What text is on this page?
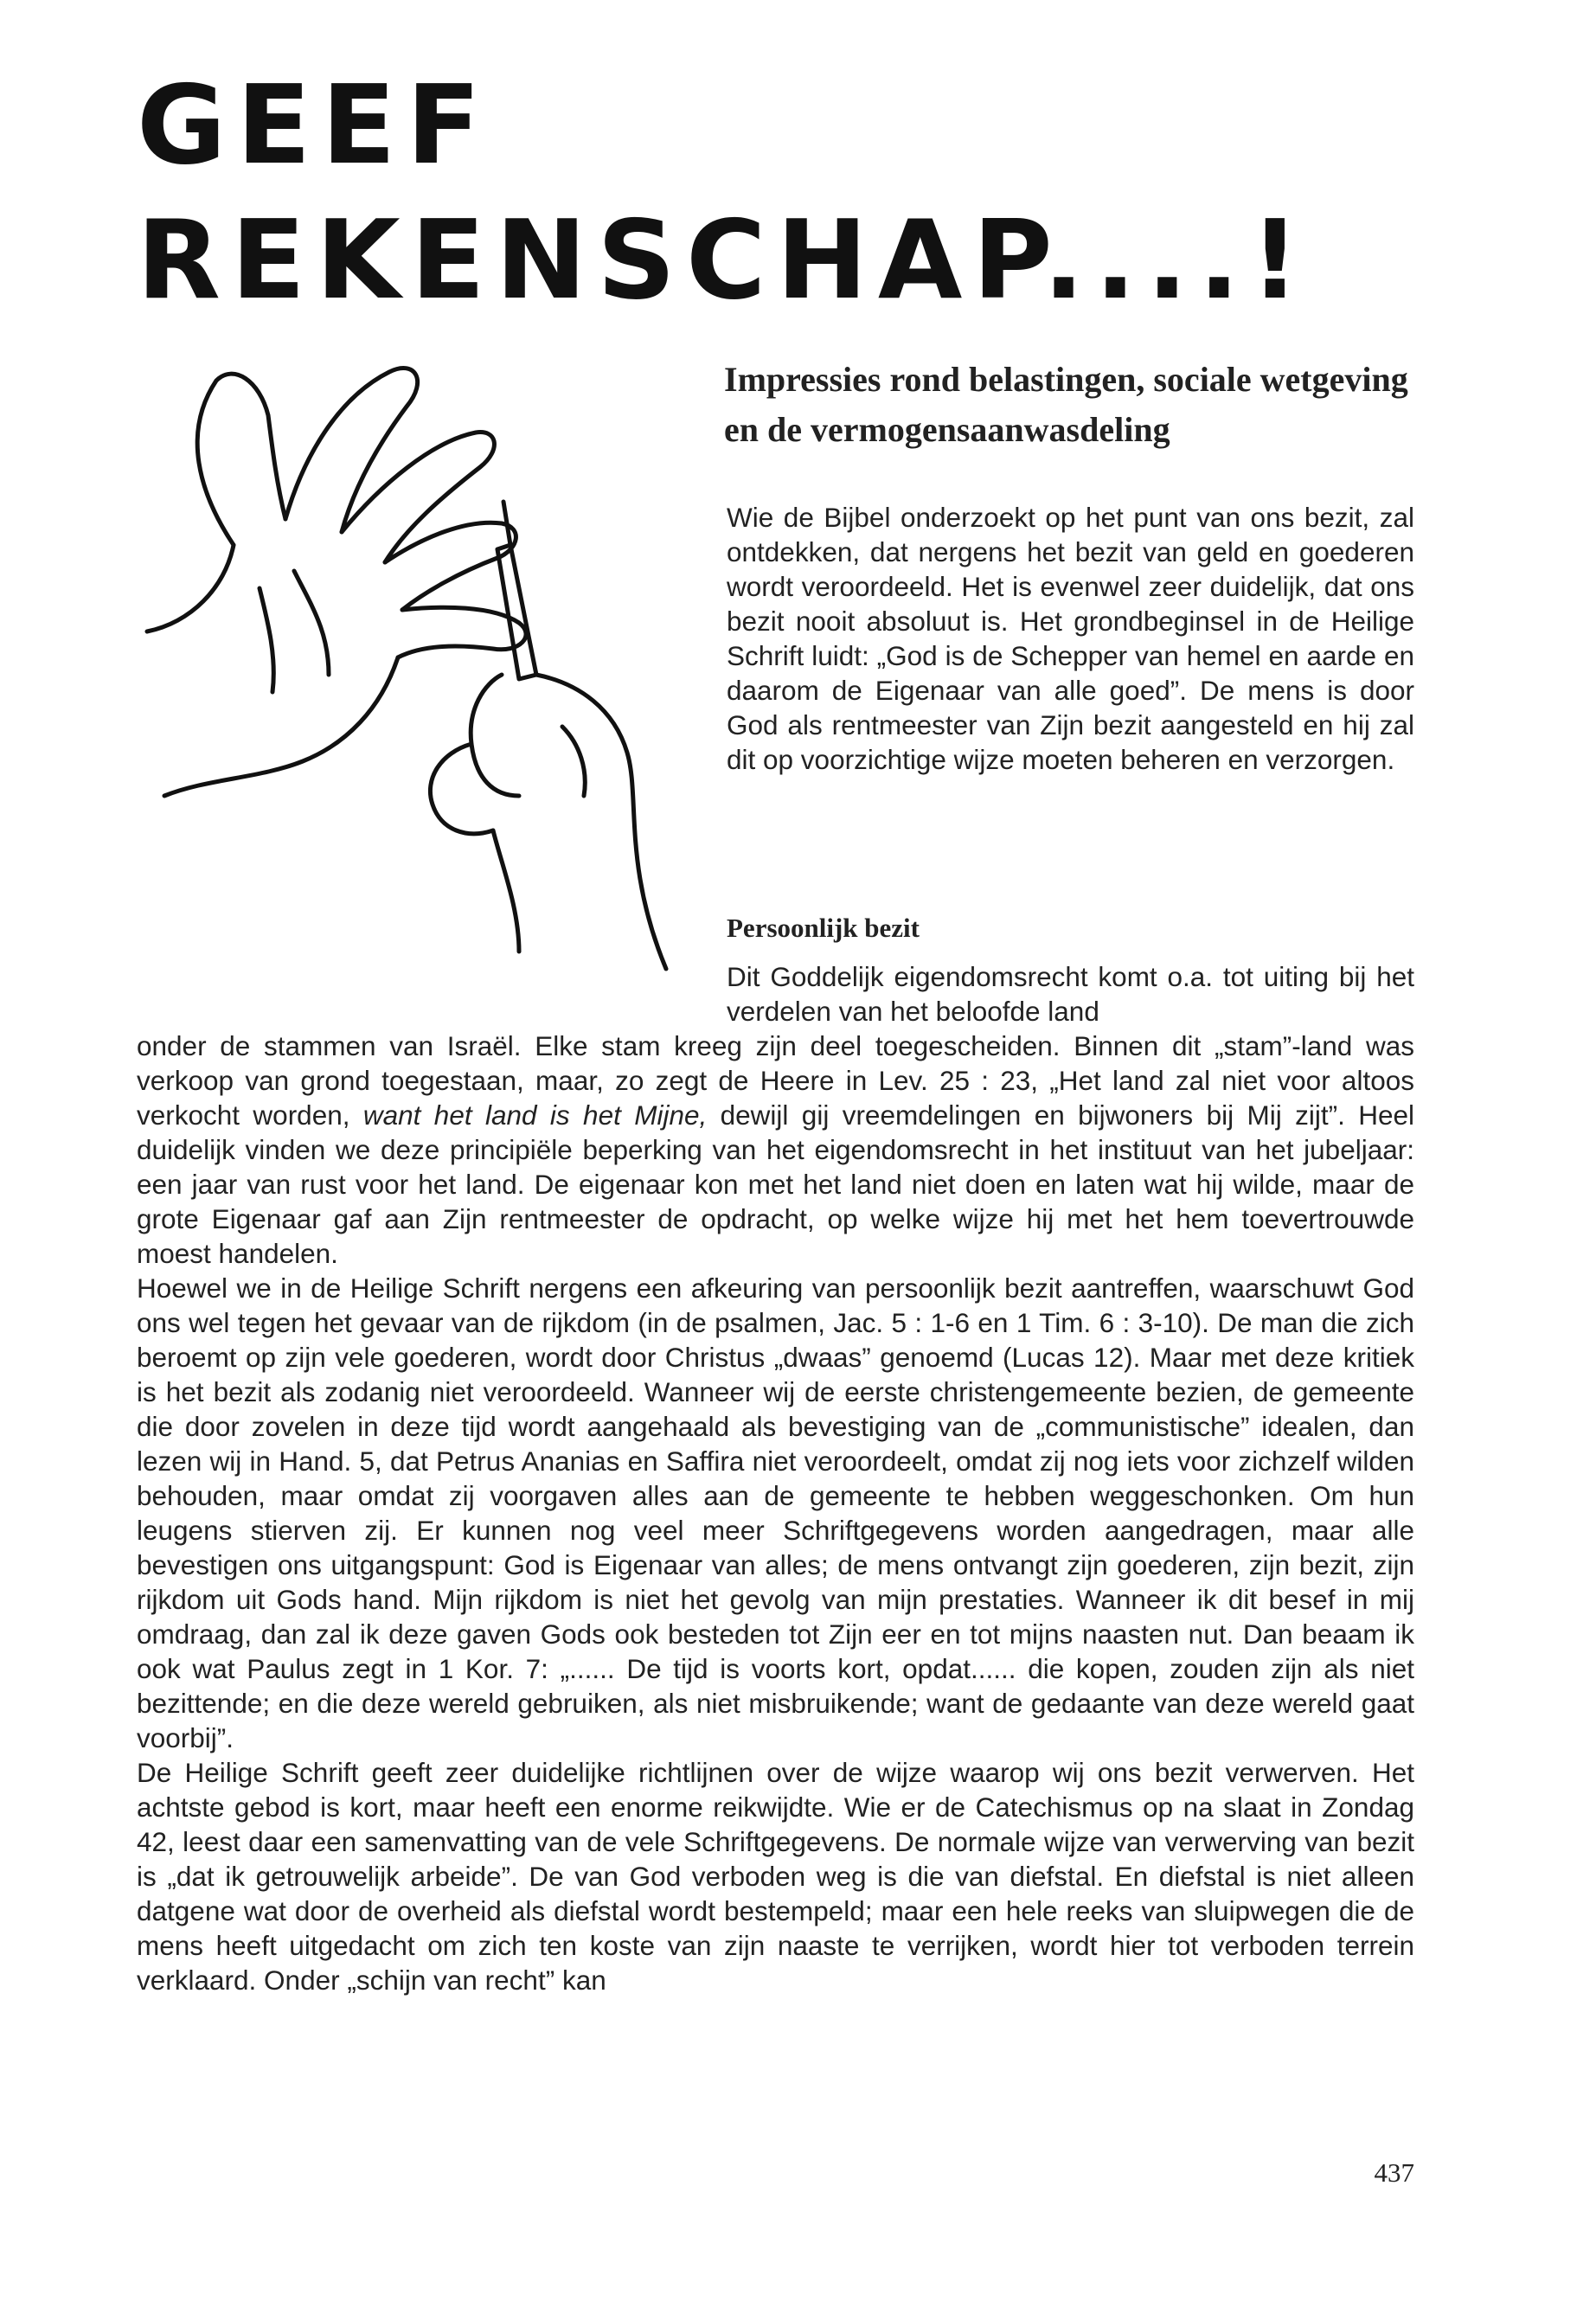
GEEF
REKENSCHAP....!
Impressies rond belastingen, sociale wetgeving en de vermogensaanwasdeling

Wie de Bijbel onderzoekt op het punt van ons bezit, zal ontdekken, dat nergens het bezit van geld en goederen wordt veroordeeld. Het is evenwel zeer duidelijk, dat ons bezit nooit absoluut is. Het grondbeginsel in de Heilige Schrift luidt: „God is de Schepper van hemel en aarde en daarom de Eigenaar van alle goed”. De mens is door God als rentmeester van Zijn bezit aangesteld en hij zal dit op voorzichtige wijze moeten beheren en verzorgen.

Persoonlijk bezit

Dit Goddelijk eigendomsrecht komt o.a. tot uiting bij het verdelen van het beloofde land

onder de stammen van Israël. Elke stam kreeg zijn deel toegescheiden. Binnen dit „stam”-land was verkoop van grond toegestaan, maar, zo zegt de Heere in Lev. 25 : 23, „Het land zal niet voor altoos verkocht worden, want het land is het Mijne, dewijl gij vreemdelingen en bijwoners bij Mij zijt”. Heel duidelijk vinden we deze principiële beperking van het eigendomsrecht in het instituut van het jubeljaar: een jaar van rust voor het land. De eigenaar kon met het land niet doen en laten wat hij wilde, maar de grote Eigenaar gaf aan Zijn rentmeester de opdracht, op welke wijze hij met het hem toevertrouwde moest handelen.

Hoewel we in de Heilige Schrift nergens een afkeuring van persoonlijk bezit aantreffen, waarschuwt God ons wel tegen het gevaar van de rijkdom (in de psalmen, Jac. 5 : 1-6 en 1 Tim. 6 : 3-10). De man die zich beroemt op zijn vele goederen, wordt door Christus „dwaas” genoemd (Lucas 12). Maar met deze kritiek is het bezit als zodanig niet veroordeeld. Wanneer wij de eerste christengemeente bezien, de gemeente die door zovelen in deze tijd wordt aangehaald als bevestiging van de „communistische” idealen, dan lezen wij in Hand. 5, dat Petrus Ananias en Saffira niet veroordeelt, omdat zij nog iets voor zichzelf wilden behouden, maar omdat zij voorgaven alles aan de gemeente te hebben weggeschonken. Om hun leugens stierven zij. Er kunnen nog veel meer Schriftgegevens worden aangedragen, maar alle bevestigen ons uitgangspunt: God is Eigenaar van alles; de mens ontvangt zijn goederen, zijn bezit, zijn rijkdom uit Gods hand. Mijn rijkdom is niet het gevolg van mijn prestaties. Wanneer ik dit besef in mij omdraag, dan zal ik deze gaven Gods ook besteden tot Zijn eer en tot mijns naasten nut. Dan beaam ik ook wat Paulus zegt in 1 Kor. 7: „...... De tijd is voorts kort, opdat...... die kopen, zouden zijn als niet bezittende; en die deze wereld gebruiken, als niet misbruikende; want de gedaante van deze wereld gaat voorbij”.

De Heilige Schrift geeft zeer duidelijke richtlijnen over de wijze waarop wij ons bezit verwerven. Het achtste gebod is kort, maar heeft een enorme reikwijdte. Wie er de Catechismus op na slaat in Zondag 42, leest daar een samenvatting van de vele Schriftgegevens. De normale wijze van verwerving van bezit is „dat ik getrouwelijk arbeide”. De van God verboden weg is die van diefstal. En diefstal is niet alleen datgene wat door de overheid als diefstal wordt bestempeld; maar een hele reeks van sluipwegen die de mens heeft uitgedacht om zich ten koste van zijn naaste te verrijken, wordt hier tot verboden terrein verklaard. Onder „schijn van recht” kan

437
